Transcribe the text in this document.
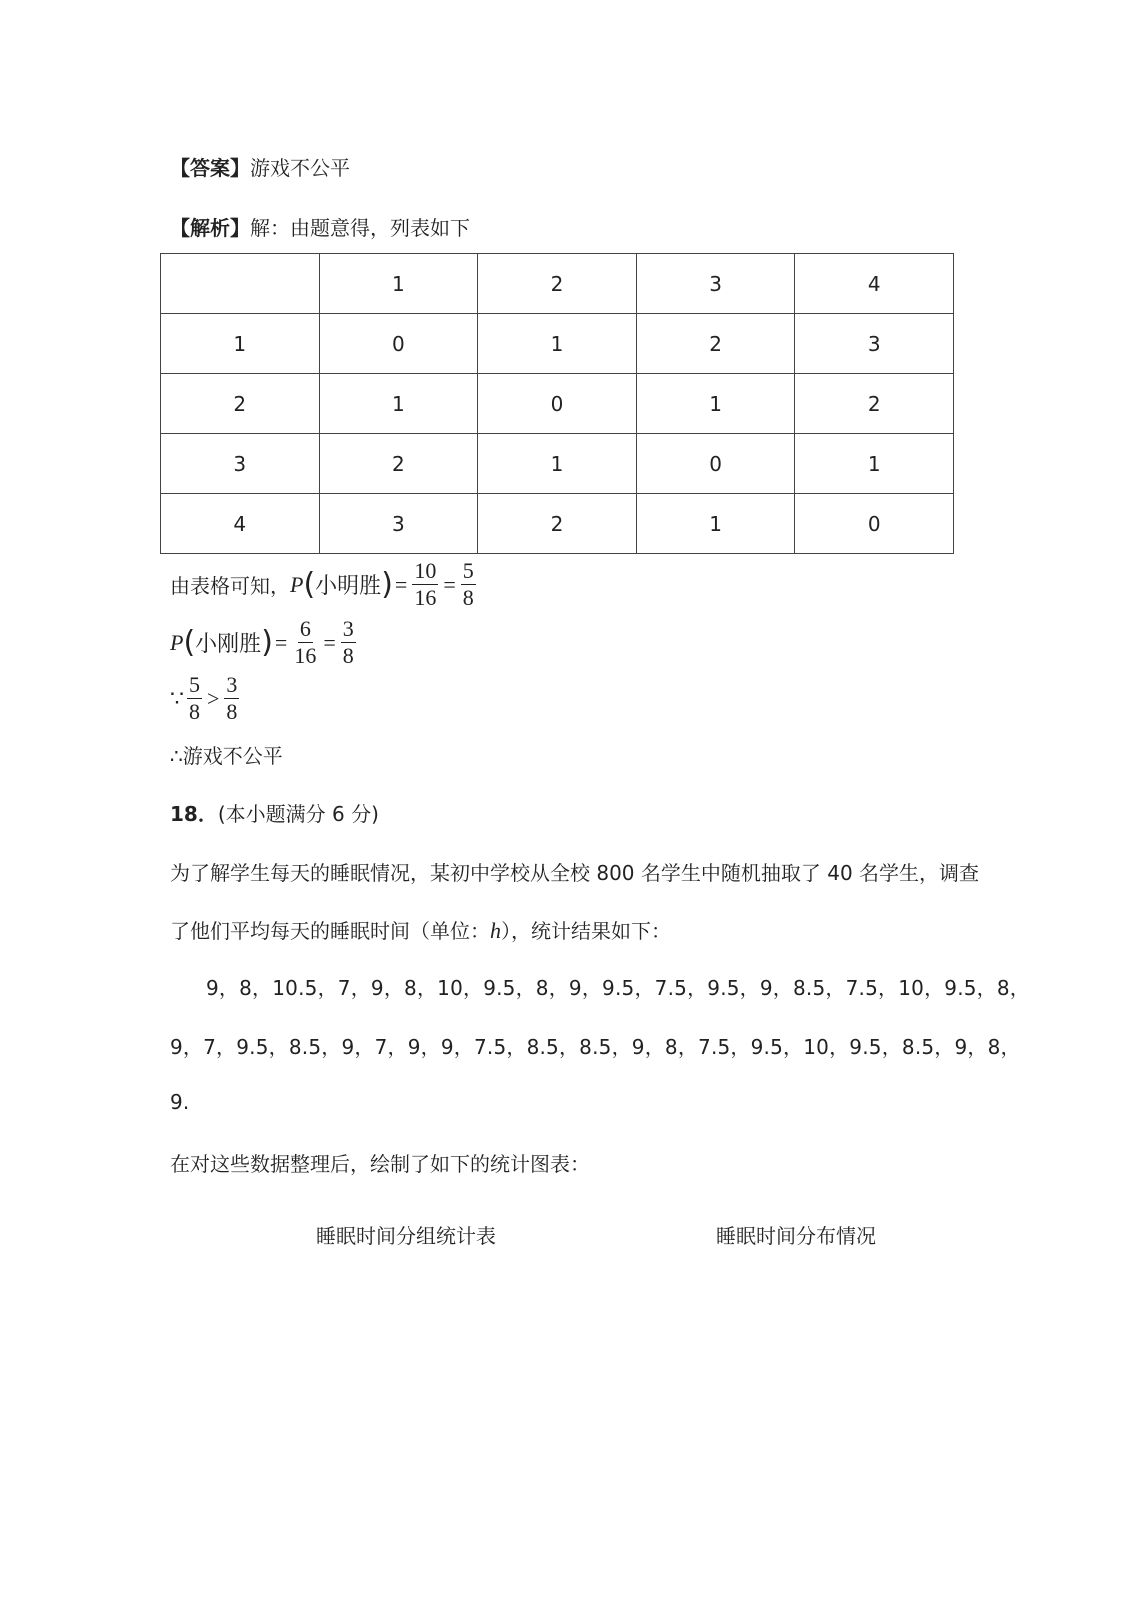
【答案】游戏不公平
【解析】解：由题意得，列表如下
	1	2	3	4
1	0	1	2	3
2	1	0	1	2
3	2	1	0	1
4	3	2	1	0
由表格可知， P ( 小明胜 ) = $\frac{10}{16} = \frac{5}{8}$
P ( 小刚胜 ) = $\frac{6}{16} = \frac{3}{8}$
∵ $\frac{5}{8} > \frac{3}{8}$
∴游戏不公平
18．(本小题满分 6 分)
为了解学生每天的睡眠情况，某初中学校从全校 800 名学生中随机抽取了 40 名学生，调查
了他们平均每天的睡眠时间（单位：h），统计结果如下：
9，8，10.5，7，9，8，10，9.5，8，9，9.5，7.5，9.5，9，8.5，7.5，10，9.5，8，
9，7，9.5，8.5，9，7，9，9，7.5，8.5，8.5，9，8，7.5，9.5，10，9.5，8.5，9，8，
9.
在对这些数据整理后，绘制了如下的统计图表：
睡眠时间分组统计表	睡眠时间分布情况
